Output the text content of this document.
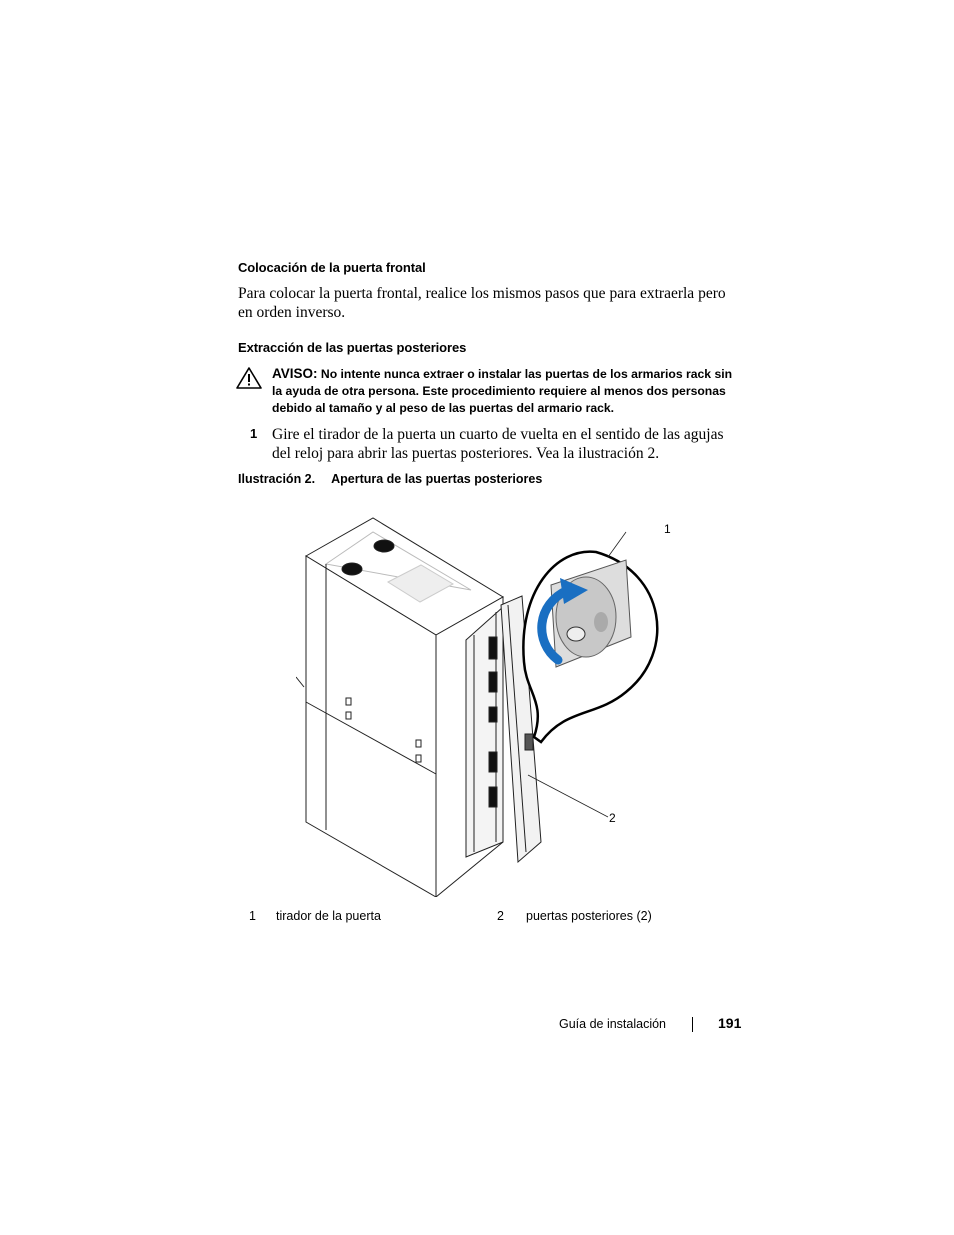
Colocación de la puerta frontal
Para colocar la puerta frontal, realice los mismos pasos que para extraerla pero en orden inverso.
Extracción de las puertas posteriores
AVISO: No intente nunca extraer o instalar las puertas de los armarios rack sin la ayuda de otra persona. Este procedimiento requiere al menos dos personas debido al tamaño y al peso de las puertas del armario rack.
1 Gire el tirador de la puerta un cuarto de vuelta en el sentido de las agujas del reloj para abrir las puertas posteriores. Vea la ilustración 2.
Ilustración 2. Apertura de las puertas posteriores
1
2
1 tirador de la puerta	2 puertas posteriores (2)
Guía de instalación	191
